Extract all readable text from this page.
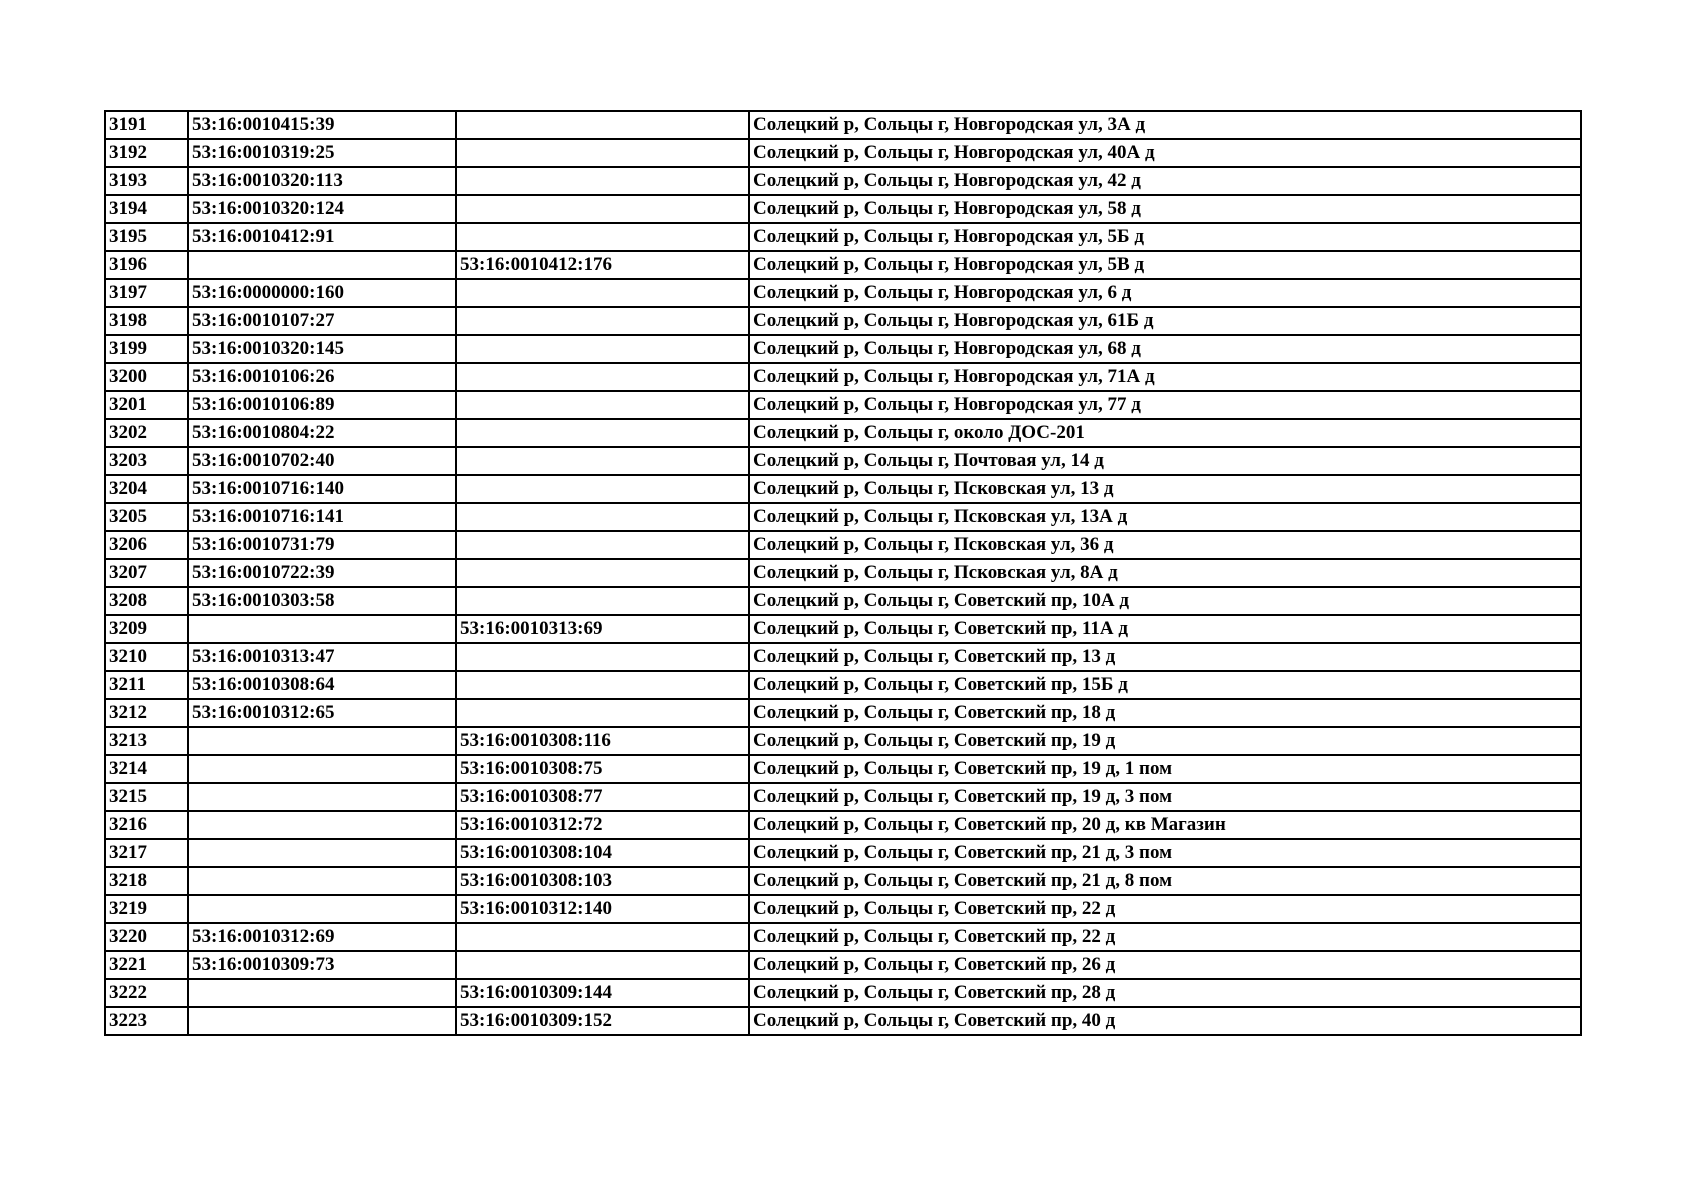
3191	53:16:0010415:39		Солецкий р, Сольцы г, Новгородская ул, 3А д
3192	53:16:0010319:25		Солецкий р, Сольцы г, Новгородская ул, 40А д
3193	53:16:0010320:113		Солецкий р, Сольцы г, Новгородская ул, 42 д
3194	53:16:0010320:124		Солецкий р, Сольцы г, Новгородская ул, 58 д
3195	53:16:0010412:91		Солецкий р, Сольцы г, Новгородская ул, 5Б д
3196		53:16:0010412:176	Солецкий р, Сольцы г, Новгородская ул, 5В д
3197	53:16:0000000:160		Солецкий р, Сольцы г, Новгородская ул, 6 д
3198	53:16:0010107:27		Солецкий р, Сольцы г, Новгородская ул, 61Б д
3199	53:16:0010320:145		Солецкий р, Сольцы г, Новгородская ул, 68 д
3200	53:16:0010106:26		Солецкий р, Сольцы г, Новгородская ул, 71А д
3201	53:16:0010106:89		Солецкий р, Сольцы г, Новгородская ул, 77 д
3202	53:16:0010804:22		Солецкий р, Сольцы г, около ДОС-201
3203	53:16:0010702:40		Солецкий р, Сольцы г, Почтовая ул, 14 д
3204	53:16:0010716:140		Солецкий р, Сольцы г, Псковская ул, 13 д
3205	53:16:0010716:141		Солецкий р, Сольцы г, Псковская ул, 13А д
3206	53:16:0010731:79		Солецкий р, Сольцы г, Псковская ул, 36 д
3207	53:16:0010722:39		Солецкий р, Сольцы г, Псковская ул, 8А д
3208	53:16:0010303:58		Солецкий р, Сольцы г, Советский пр, 10А д
3209		53:16:0010313:69	Солецкий р, Сольцы г, Советский пр, 11А д
3210	53:16:0010313:47		Солецкий р, Сольцы г, Советский пр, 13 д
3211	53:16:0010308:64		Солецкий р, Сольцы г, Советский пр, 15Б д
3212	53:16:0010312:65		Солецкий р, Сольцы г, Советский пр, 18 д
3213		53:16:0010308:116	Солецкий р, Сольцы г, Советский пр, 19 д
3214		53:16:0010308:75	Солецкий р, Сольцы г, Советский пр, 19 д, 1 пом
3215		53:16:0010308:77	Солецкий р, Сольцы г, Советский пр, 19 д, 3 пом
3216		53:16:0010312:72	Солецкий р, Сольцы г, Советский пр, 20 д, кв Магазин
3217		53:16:0010308:104	Солецкий р, Сольцы г, Советский пр, 21 д, 3 пом
3218		53:16:0010308:103	Солецкий р, Сольцы г, Советский пр, 21 д, 8 пом
3219		53:16:0010312:140	Солецкий р, Сольцы г, Советский пр, 22 д
3220	53:16:0010312:69		Солецкий р, Сольцы г, Советский пр, 22 д
3221	53:16:0010309:73		Солецкий р, Сольцы г, Советский пр, 26 д
3222		53:16:0010309:144	Солецкий р, Сольцы г, Советский пр, 28 д
3223		53:16:0010309:152	Солецкий р, Сольцы г, Советский пр, 40 д
